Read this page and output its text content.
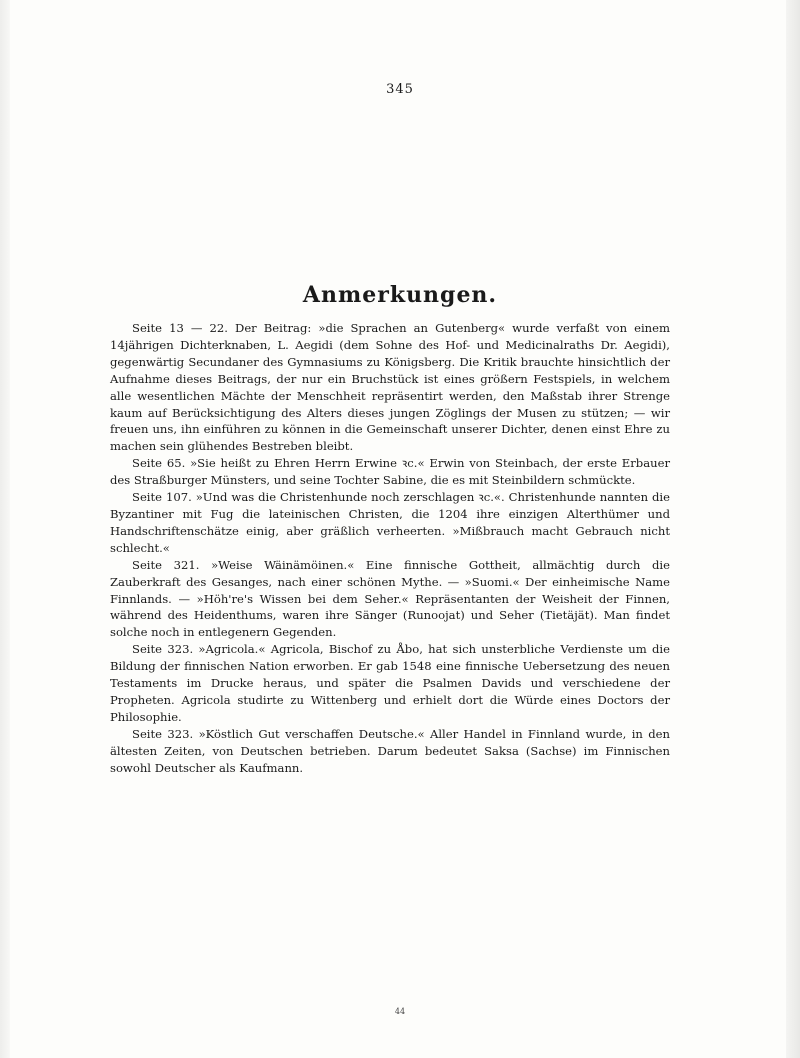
345
Anmerkungen.

Seite 13 — 22. Der Beitrag: »die Sprachen an Gutenberg« wurde verfaßt von einem 14jährigen Dichterknaben, L. Aegidi (dem Sohne des Hof- und Medicinalraths Dr. Aegidi), gegenwärtig Secundaner des Gymnasiums zu Königsberg. Die Kritik brauchte hinsichtlich der Aufnahme dieses Beitrags, der nur ein Bruchstück ist eines größern Festspiels, in welchem alle wesentlichen Mächte der Menschheit repräsentirt werden, den Maßstab ihrer Strenge kaum auf Berücksichtigung des Alters dieses jungen Zöglings der Musen zu stützen; — wir freuen uns, ihn einführen zu können in die Gemeinschaft unserer Dichter, denen einst Ehre zu machen sein glühendes Bestreben bleibt.

Seite 65. »Sie heißt zu Ehren Herrn Erwine ꝛc.« Erwin von Steinbach, der erste Erbauer des Straßburger Münsters, und seine Tochter Sabine, die es mit Steinbildern schmückte.

Seite 107. »Und was die Christenhunde noch zerschlagen ꝛc.«. Christenhunde nannten die Byzantiner mit Fug die lateinischen Christen, die 1204 ihre einzigen Alterthümer und Handschriftenschätze einig, aber gräßlich verheerten. »Mißbrauch macht Gebrauch nicht schlecht.«

Seite 321. »Weise Wäinämöinen.« Eine finnische Gottheit, allmächtig durch die Zauberkraft des Gesanges, nach einer schönen Mythe. — »Suomi.« Der einheimische Name Finnlands. — »Höh're's Wissen bei dem Seher.« Repräsentanten der Weisheit der Finnen, während des Heidenthums, waren ihre Sänger (Runoojat) und Seher (Tietäjät). Man findet solche noch in entlegenern Gegenden.

Seite 323. »Agricola.« Agricola, Bischof zu Åbo, hat sich unsterbliche Verdienste um die Bildung der finnischen Nation erworben. Er gab 1548 eine finnische Uebersetzung des neuen Testaments im Drucke heraus, und später die Psalmen Davids und verschiedene der Propheten. Agricola studirte zu Wittenberg und erhielt dort die Würde eines Doctors der Philosophie.

Seite 323. »Köstlich Gut verschaffen Deutsche.« Aller Handel in Finnland wurde, in den ältesten Zeiten, von Deutschen betrieben. Darum bedeutet Saksa (Sachse) im Finnischen sowohl Deutscher als Kaufmann.

44
